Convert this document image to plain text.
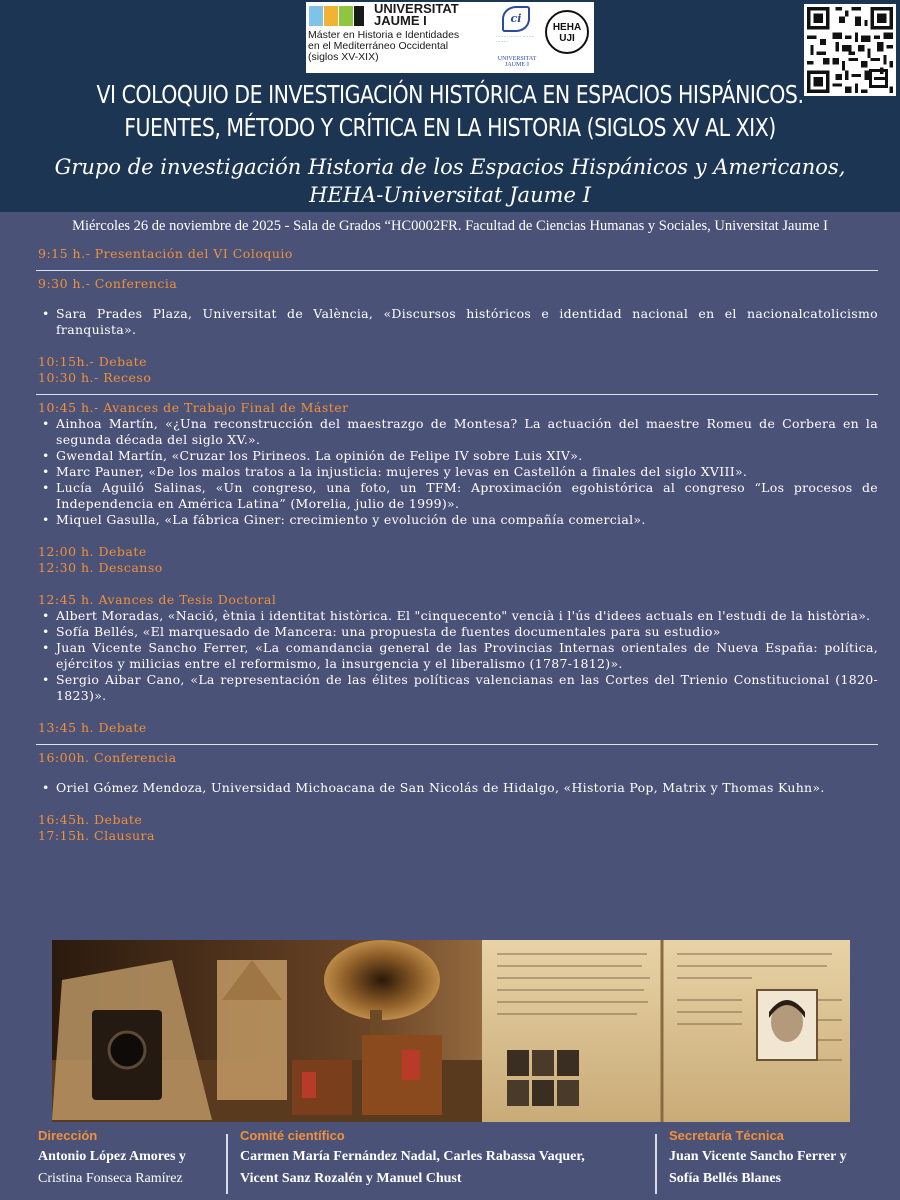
UNIVERSITAT
JAUME I
Máster en Historia e Identidades
en el Mediterráneo Occidental
(siglos XV-XIX)
ci
········ ········ ········ ········
UNIVERSITAT JAUME·I
HEHA
UJI
VI COLOQUIO DE INVESTIGACIÓN HISTÓRICA EN ESPACIOS HISPÁNICOS.
FUENTES, MÉTODO Y CRÍTICA EN LA HISTORIA (SIGLOS XV AL XIX)
Grupo de investigación Historia de los Espacios Hispánicos y Americanos,
HEHA-Universitat Jaume I
Miércoles 26 de noviembre de 2025 - Sala de Grados “HC0002FR. Facultad de Ciencias Humanas y Sociales, Universitat Jaume I
9:15 h.- Presentación del VI Coloquio
9:30 h.- Conferencia
• Sara Prades Plaza, Universitat de València, «Discursos históricos e identidad nacional en el nacionalcatolicismo franquista».
10:15h.- Debate
10:30 h.- Receso
10:45 h.- Avances de Trabajo Final de Máster
• Ainhoa Martín, «¿Una reconstrucción del maestrazgo de Montesa? La actuación del maestre Romeu de Corbera en la segunda década del siglo XV.».
• Gwendal Martín, «Cruzar los Pirineos. La opinión de Felipe IV sobre Luis XIV».
• Marc Pauner, «De los malos tratos a la injusticia: mujeres y levas en Castellón a finales del siglo XVIII».
• Lucía Aguiló Salinas, «Un congreso, una foto, un TFM: Aproximación egohistórica al congreso “Los procesos de Independencia en América Latina” (Morelia, julio de 1999)».
• Miquel Gasulla, «La fábrica Giner: crecimiento y evolución de una compañía comercial».
12:00 h. Debate
12:30 h. Descanso
12:45 h. Avances de Tesis Doctoral
• Albert Moradas, «Nació, ètnia i identitat històrica. El "cinquecento" vencià i l'ús d'idees actuals en l'estudi de la història».
• Sofía Bellés, «El marquesado de Mancera: una propuesta de fuentes documentales para su estudio»
• Juan Vicente Sancho Ferrer, «La comandancia general de las Provincias Internas orientales de Nueva España: política, ejércitos y milicias entre el reformismo, la insurgencia y el liberalismo (1787-1812)».
• Sergio Aibar Cano, «La representación de las élites políticas valencianas en las Cortes del Trienio Constitucional (1820-1823)».
13:45 h. Debate
16:00h. Conferencia
• Oriel Gómez Mendoza, Universidad Michoacana de San Nicolás de Hidalgo, «Historia Pop, Matrix y Thomas Kuhn».
16:45h. Debate
17:15h. Clausura
Dirección
Antonio López Amores y
Cristina Fonseca Ramírez
Comité científico
Carmen María Fernández Nadal, Carles Rabassa Vaquer,
Vicent Sanz Rozalén y Manuel Chust
Secretaría Técnica
Juan Vicente Sancho Ferrer y
Sofía Bellés Blanes
